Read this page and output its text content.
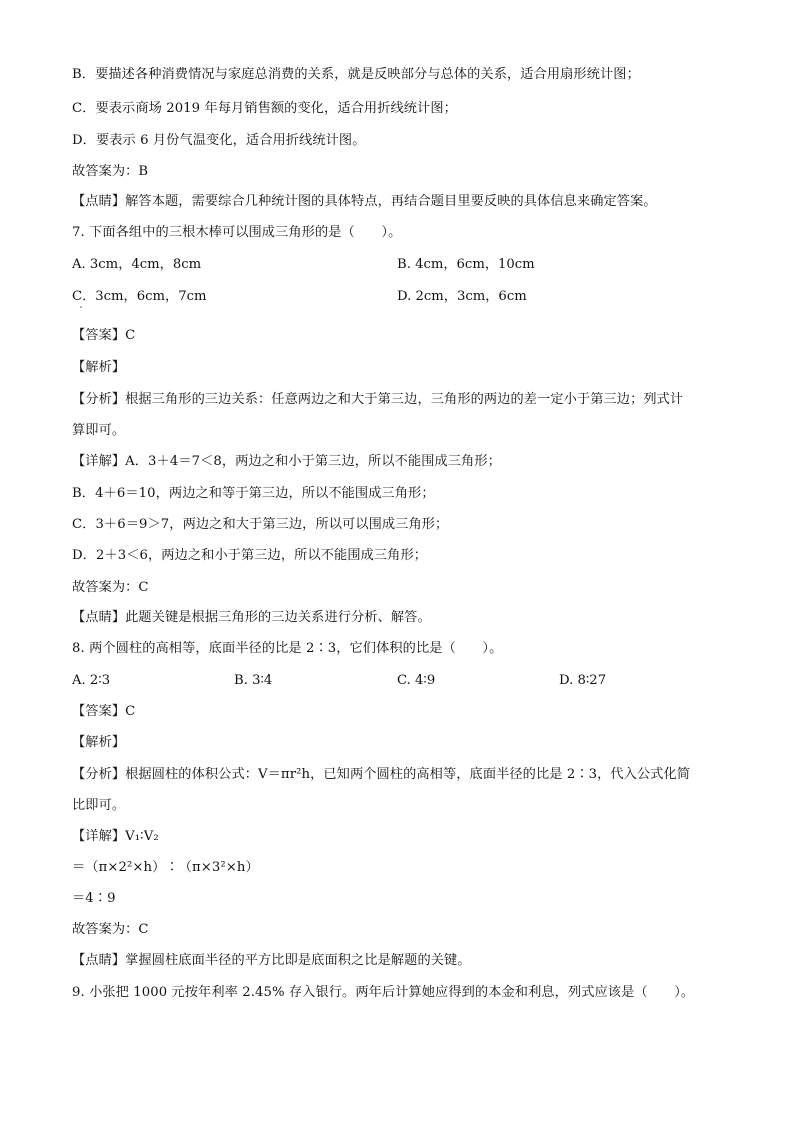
B．要描述各种消费情况与家庭总消费的关系，就是反映部分与总体的关系，适合用扇形统计图；
C．要表示商场 2019 年每月销售额的变化，适合用折线统计图；
D．要表示 6 月份气温变化，适合用折线统计图。
故答案为：B
【点睛】解答本题，需要综合几种统计图的具体特点，再结合题目里要反映的具体信息来确定答案。
7. 下面各组中的三根木棒可以围成三角形的是（　　）。
A. 3cm，4cm，8cm	B. 4cm，6cm，10cm
C．3cm，6cm，7cm	D. 2cm，3cm，6cm
【答案】C
【解析】
【分析】根据三角形的三边关系：任意两边之和大于第三边，三角形的两边的差一定小于第三边；列式计
算即可。
【详解】A．3＋4＝7＜8，两边之和小于第三边，所以不能围成三角形；
B．4＋6＝10，两边之和等于第三边，所以不能围成三角形；
C．3＋6＝9＞7，两边之和大于第三边，所以可以围成三角形；
D．2＋3＜6，两边之和小于第三边，所以不能围成三角形；
故答案为：C
【点睛】此题关键是根据三角形的三边关系进行分析、解答。
8. 两个圆柱的高相等，底面半径的比是 2∶3，它们体积的比是（　　）。
A. 2∶3	B. 3∶4	C. 4∶9	D. 8∶27
【答案】C
【解析】
【分析】根据圆柱的体积公式：V＝πr²h，已知两个圆柱的高相等，底面半径的比是 2∶3，代入公式化简
比即可。
【详解】V₁∶V₂
＝（π×2²×h）∶（π×3²×h）
＝4∶9
故答案为：C
【点睛】掌握圆柱底面半径的平方比即是底面积之比是解题的关键。
9. 小张把 1000 元按年利率 2.45% 存入银行。两年后计算她应得到的本金和利息，列式应该是（　　）。
